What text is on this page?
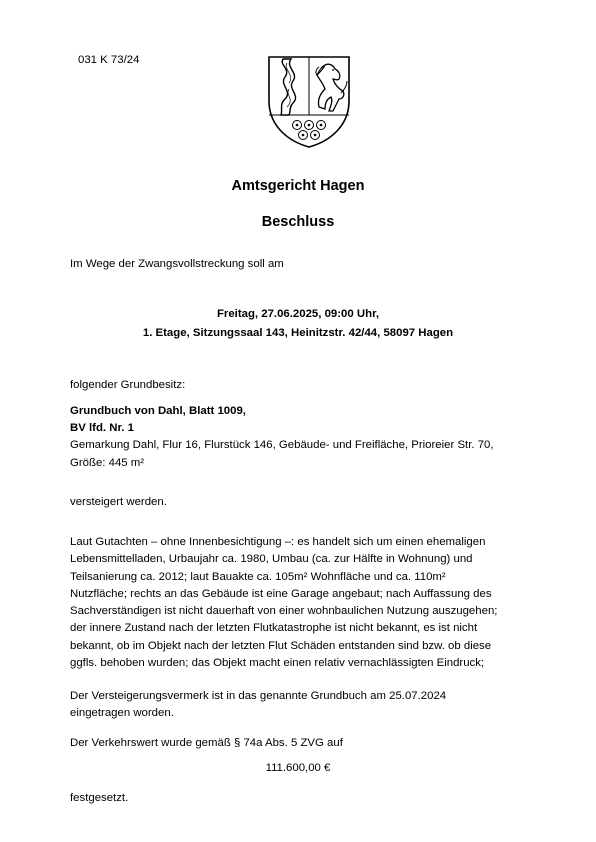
031 K 73/24

Amtsgericht Hagen

Beschluss

Im Wege der Zwangsvollstreckung soll am

Freitag, 27.06.2025, 09:00 Uhr,

1. Etage, Sitzungssaal 143, Heinitzstr. 42/44, 58097 Hagen

folgender Grundbesitz:

Grundbuch von Dahl, Blatt 1009,

BV lfd. Nr. 1

Gemarkung Dahl, Flur 16, Flurstück 146, Gebäude- und Freifläche, Prioreier Str. 70,

Größe: 445 m²

versteigert werden.

Laut Gutachten – ohne Innenbesichtigung –: es handelt sich um einen ehemaligen
Lebensmittelladen, Urbaujahr ca. 1980, Umbau (ca. zur Hälfte in Wohnung) und
Teilsanierung ca. 2012; laut Bauakte ca. 105m² Wohnfläche und ca. 110m²
Nutzfläche; rechts an das Gebäude ist eine Garage angebaut; nach Auffassung des
Sachverständigen ist nicht dauerhaft von einer wohnbaulichen Nutzung auszugehen;
der innere Zustand nach der letzten Flutkatastrophe ist nicht bekannt, es ist nicht
bekannt, ob im Objekt nach der letzten Flut Schäden entstanden sind bzw. ob diese
ggfls. behoben wurden; das Objekt macht einen relativ vernachlässigten Eindruck;
Der Versteigerungsvermerk ist in das genannte Grundbuch am 25.07.2024
eingetragen worden.

Der Verkehrswert wurde gemäß § 74a Abs. 5 ZVG auf

111.600,00 €

festgesetzt.
